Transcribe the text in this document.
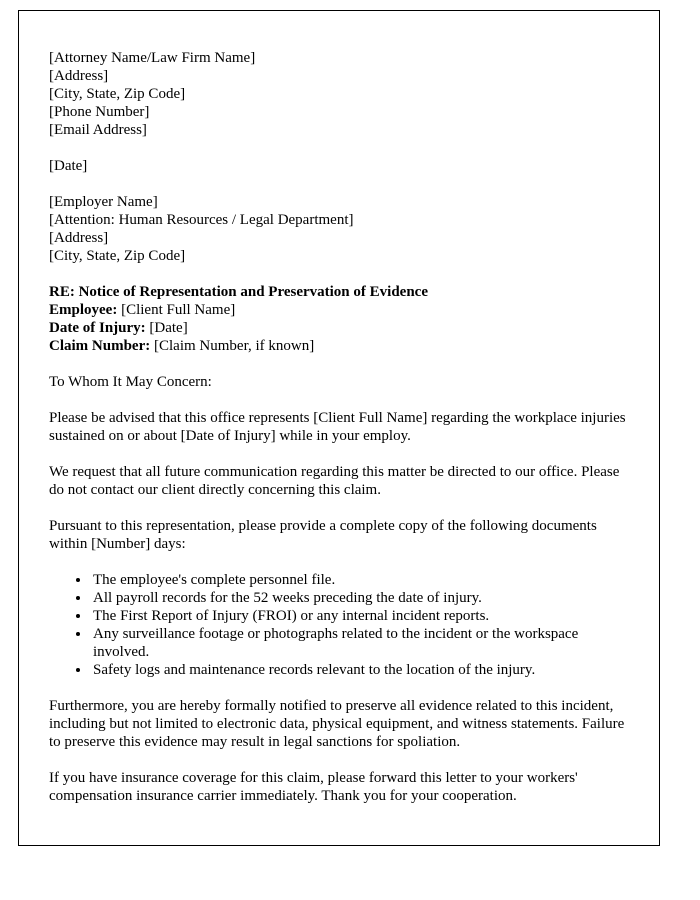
[Attorney Name/Law Firm Name]
[Address]
[City, State, Zip Code]
[Phone Number]
[Email Address]
[Date]
[Employer Name]
[Attention: Human Resources / Legal Department]
[Address]
[City, State, Zip Code]
RE: Notice of Representation and Preservation of Evidence
Employee: [Client Full Name]
Date of Injury: [Date]
Claim Number: [Claim Number, if known]

To Whom It May Concern:

Please be advised that this office represents [Client Full Name] regarding the workplace injuries sustained on or about [Date of Injury] while in your employ.

We request that all future communication regarding this matter be directed to our office. Please do not contact our client directly concerning this claim.

Pursuant to this representation, please provide a complete copy of the following documents within [Number] days:

• The employee's complete personnel file.
• All payroll records for the 52 weeks preceding the date of injury.
• The First Report of Injury (FROI) or any internal incident reports.
• Any surveillance footage or photographs related to the incident or the workspace involved.
• Safety logs and maintenance records relevant to the location of the injury.

Furthermore, you are hereby formally notified to preserve all evidence related to this incident, including but not limited to electronic data, physical equipment, and witness statements. Failure to preserve this evidence may result in legal sanctions for spoliation.

If you have insurance coverage for this claim, please forward this letter to your workers' compensation insurance carrier immediately. Thank you for your cooperation.
